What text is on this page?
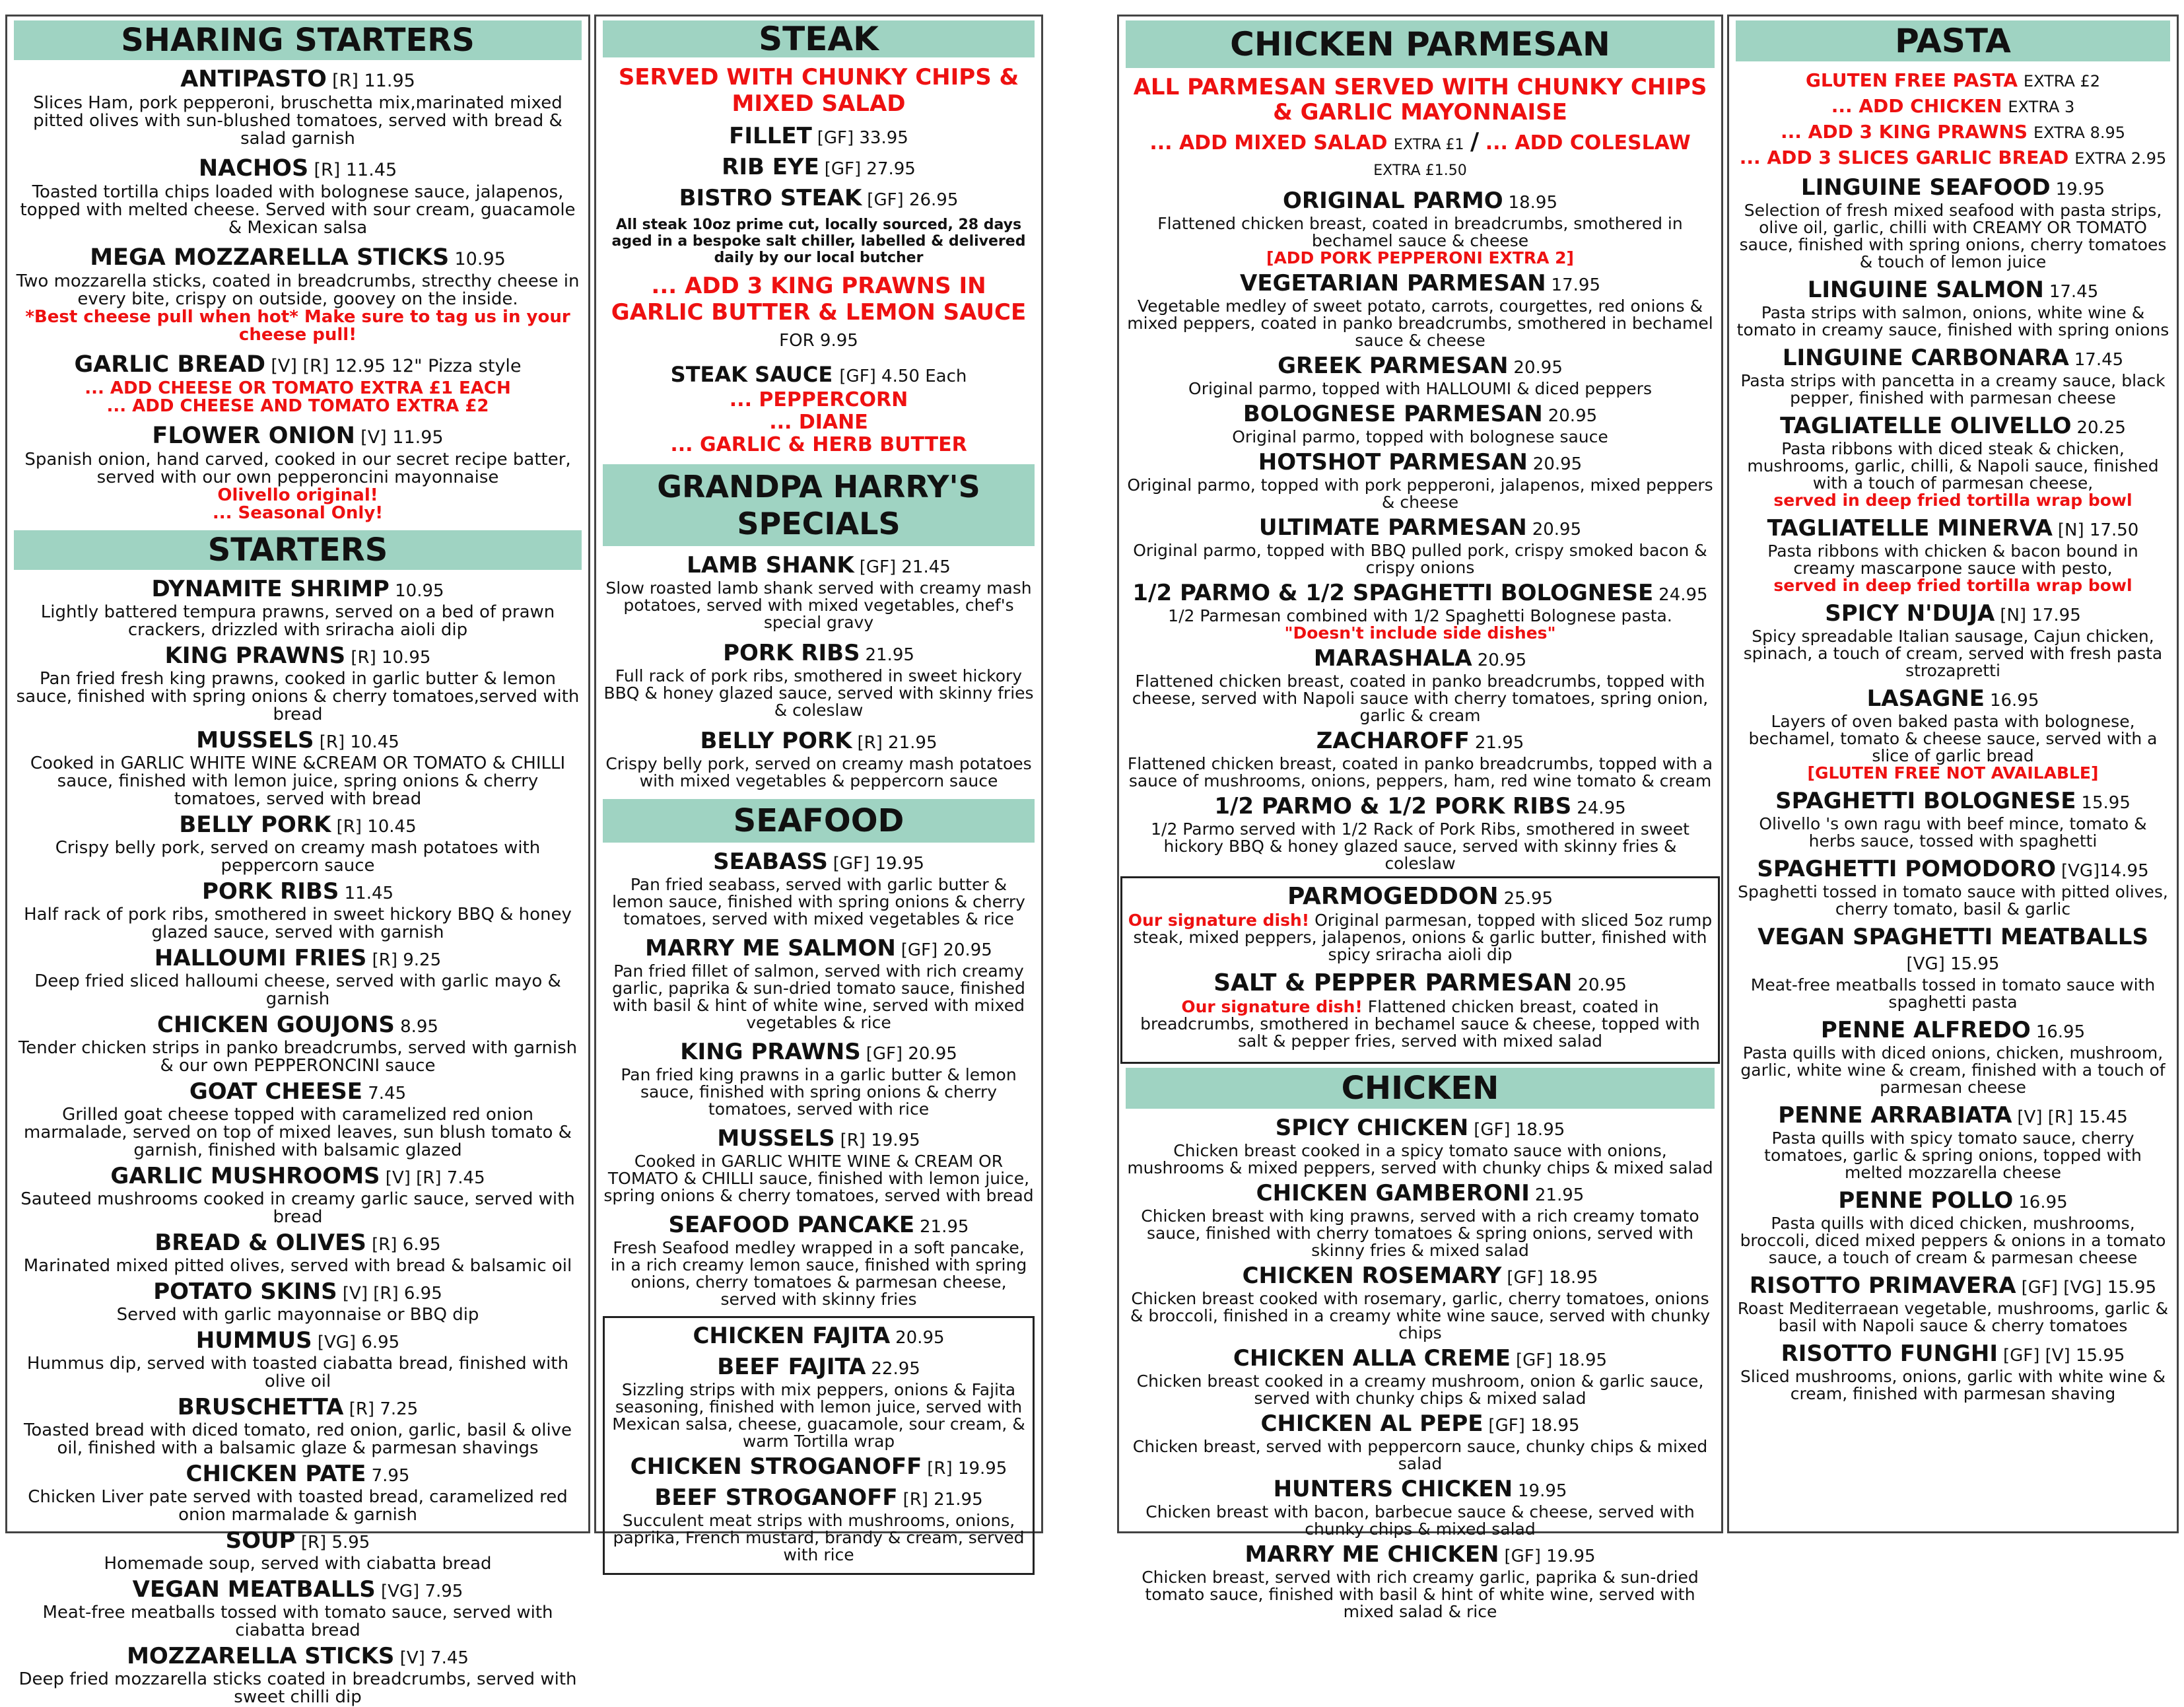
SHARING STARTERS
ANTIPASTO [R] 11.95
Slices Ham, pork pepperoni, bruschetta mix,marinated mixed pitted olives with sun-blushed tomatoes, served with bread & salad garnish
NACHOS [R] 11.45
Toasted tortilla chips loaded with bolognese sauce, jalapenos, topped with melted cheese. Served with sour cream, guacamole & Mexican salsa
MEGA MOZZARELLA STICKS 10.95
Two mozzarella sticks, coated in breadcrumbs, strecthy cheese in every bite, crispy on outside, goovey on the inside.
*Best cheese pull when hot* Make sure to tag us in your cheese pull!
GARLIC BREAD [V] [R] 12.95 12" Pizza style
... ADD CHEESE OR TOMATO EXTRA £1 EACH
... ADD CHEESE AND TOMATO EXTRA £2
FLOWER ONION [V] 11.95
Spanish onion, hand carved, cooked in our secret recipe batter, served with our own pepperoncini mayonnaise
Olivello original!
... Seasonal Only!
STARTERS
DYNAMITE SHRIMP 10.95
Lightly battered tempura prawns, served on a bed of prawn crackers, drizzled with sriracha aioli dip
KING PRAWNS [R] 10.95
Pan fried fresh king prawns, cooked in garlic butter & lemon sauce, finished with spring onions & cherry tomatoes,served with bread
MUSSELS [R] 10.45
Cooked in GARLIC WHITE WINE &CREAM OR TOMATO & CHILLI sauce, finished with lemon juice, spring onions & cherry tomatoes, served with bread
BELLY PORK [R] 10.45
Crispy belly pork, served on creamy mash potatoes with peppercorn sauce
PORK RIBS 11.45
Half rack of pork ribs, smothered in sweet hickory BBQ & honey glazed sauce, served with garnish
HALLOUMI FRIES [R] 9.25
Deep fried sliced halloumi cheese, served with garlic mayo & garnish
CHICKEN GOUJONS 8.95
Tender chicken strips in panko breadcrumbs, served with garnish & our own PEPPERONCINI sauce
GOAT CHEESE 7.45
Grilled goat cheese topped with caramelized red onion marmalade, served on top of mixed leaves, sun blush tomato & garnish, finished with balsamic glazed
GARLIC MUSHROOMS [V] [R] 7.45
Sauteed mushrooms cooked in creamy garlic sauce, served with bread
BREAD & OLIVES [R] 6.95
Marinated mixed pitted olives, served with bread & balsamic oil
POTATO SKINS [V] [R] 6.95
Served with garlic mayonnaise or BBQ dip
HUMMUS [VG] 6.95
Hummus dip, served with toasted ciabatta bread, finished with olive oil
BRUSCHETTA [R] 7.25
Toasted bread with diced tomato, red onion, garlic, basil & olive oil, finished with a balsamic glaze & parmesan shavings
CHICKEN PATE 7.95
Chicken Liver pate served with toasted bread, caramelized red onion marmalade & garnish
SOUP [R] 5.95
Homemade soup, served with ciabatta bread
VEGAN MEATBALLS [VG] 7.95
Meat-free meatballs tossed with tomato sauce, served with ciabatta bread
MOZZARELLA STICKS [V] 7.45
Deep fried mozzarella sticks coated in breadcrumbs, served with sweet chilli dip
STEAK
SERVED WITH CHUNKY CHIPS & MIXED SALAD
FILLET [GF] 33.95
RIB EYE [GF] 27.95
BISTRO STEAK [GF] 26.95
All steak 10oz prime cut, locally sourced, 28 days aged in a bespoke salt chiller, labelled & delivered daily by our local butcher
... ADD 3 KING PRAWNS IN GARLIC BUTTER & LEMON SAUCE FOR 9.95
STEAK SAUCE [GF] 4.50 Each
... PEPPERCORN
... DIANE
... GARLIC & HERB BUTTER
GRANDPA HARRY'S SPECIALS
LAMB SHANK [GF] 21.45
Slow roasted lamb shank served with creamy mash potatoes, served with mixed vegetables, chef's special gravy
PORK RIBS 21.95
Full rack of pork ribs, smothered in sweet hickory BBQ & honey glazed sauce, served with skinny fries & coleslaw
BELLY PORK [R] 21.95
Crispy belly pork, served on creamy mash potatoes with mixed vegetables & peppercorn sauce
SEAFOOD
SEABASS [GF] 19.95
Pan fried seabass, served with garlic butter & lemon sauce, finished with spring onions & cherry tomatoes, served with mixed vegetables & rice
MARRY ME SALMON [GF] 20.95
Pan fried fillet of salmon, served with rich creamy garlic, paprika & sun-dried tomato sauce, finished with basil & hint of white wine, served with mixed vegetables & rice
KING PRAWNS [GF] 20.95
Pan fried king prawns in a garlic butter & lemon sauce, finished with spring onions & cherry tomatoes, served with rice
MUSSELS [R] 19.95
Cooked in GARLIC WHITE WINE & CREAM OR TOMATO & CHILLI sauce, finished with lemon juice, spring onions & cherry tomatoes, served with bread
SEAFOOD PANCAKE 21.95
Fresh Seafood medley wrapped in a soft pancake, in a rich creamy lemon sauce, finished with spring onions, cherry tomatoes & parmesan cheese, served with skinny fries
CHICKEN FAJITA 20.95
BEEF FAJITA 22.95
Sizzling strips with mix peppers, onions & Fajita seasoning, finished with lemon juice, served with Mexican salsa, cheese, guacamole, sour cream, & warm Tortilla wrap
CHICKEN STROGANOFF [R] 19.95
BEEF STROGANOFF [R] 21.95
Succulent meat strips with mushrooms, onions, paprika, French mustard, brandy & cream, served with rice
CHICKEN PARMESAN
ALL PARMESAN SERVED WITH CHUNKY CHIPS & GARLIC MAYONNAISE
... ADD MIXED SALAD EXTRA £1 / ... ADD COLESLAW EXTRA £1.50
ORIGINAL PARMO 18.95
Flattened chicken breast, coated in breadcrumbs, smothered in bechamel sauce & cheese
[ADD PORK PEPPERONI EXTRA 2]
VEGETARIAN PARMESAN 17.95
Vegetable medley of sweet potato, carrots, courgettes, red onions & mixed peppers, coated in panko breadcrumbs, smothered in bechamel sauce & cheese
GREEK PARMESAN 20.95
Original parmo, topped with HALLOUMI & diced peppers
BOLOGNESE PARMESAN 20.95
Original parmo, topped with bolognese sauce
HOTSHOT PARMESAN 20.95
Original parmo, topped with pork pepperoni, jalapenos, mixed peppers & cheese
ULTIMATE PARMESAN 20.95
Original parmo, topped with BBQ pulled pork, crispy smoked bacon & crispy onions
1/2 PARMO & 1/2 SPAGHETTI BOLOGNESE 24.95
1/2 Parmesan combined with 1/2 Spaghetti Bolognese pasta.
"Doesn't include side dishes"
MARASHALA 20.95
Flattened chicken breast, coated in panko breadcrumbs, topped with cheese, served with Napoli sauce with cherry tomatoes, spring onion, garlic & cream
ZACHAROFF 21.95
Flattened chicken breast, coated in panko breadcrumbs, topped with a sauce of mushrooms, onions, peppers, ham, red wine tomato & cream
1/2 PARMO & 1/2 PORK RIBS 24.95
1/2 Parmo served with 1/2 Rack of Pork Ribs, smothered in sweet hickory BBQ & honey glazed sauce, served with skinny fries & coleslaw
PARMOGEDDON 25.95
Our signature dish! Original parmesan, topped with sliced 5oz rump steak, mixed peppers, jalapenos, onions & garlic butter, finished with spicy sriracha aioli dip
SALT & PEPPER PARMESAN 20.95
Our signature dish! Flattened chicken breast, coated in breadcrumbs, smothered in bechamel sauce & cheese, topped with salt & pepper fries, served with mixed salad
CHICKEN
SPICY CHICKEN [GF] 18.95
Chicken breast cooked in a spicy tomato sauce with onions, mushrooms & mixed peppers, served with chunky chips & mixed salad
CHICKEN GAMBERONI 21.95
Chicken breast with king prawns, served with a rich creamy tomato sauce, finished with cherry tomatoes & spring onions, served with skinny fries & mixed salad
CHICKEN ROSEMARY [GF] 18.95
Chicken breast cooked with rosemary, garlic, cherry tomatoes, onions & broccoli, finished in a creamy white wine sauce, served with chunky chips
CHICKEN ALLA CREME [GF] 18.95
Chicken breast cooked in a creamy mushroom, onion & garlic sauce, served with chunky chips & mixed salad
CHICKEN AL PEPE [GF] 18.95
Chicken breast, served with peppercorn sauce, chunky chips & mixed salad
HUNTERS CHICKEN 19.95
Chicken breast with bacon, barbecue sauce & cheese, served with chunky chips & mixed salad
MARRY ME CHICKEN [GF] 19.95
Chicken breast, served with rich creamy garlic, paprika & sun-dried tomato sauce, finished with basil & hint of white wine, served with mixed salad & rice
PASTA
GLUTEN FREE PASTA EXTRA £2
... ADD CHICKEN EXTRA 3
... ADD 3 KING PRAWNS EXTRA 8.95
... ADD 3 SLICES GARLIC BREAD EXTRA 2.95
LINGUINE SEAFOOD 19.95
Selection of fresh mixed seafood with pasta strips, olive oil, garlic, chilli with CREAMY OR TOMATO sauce, finished with spring onions, cherry tomatoes & touch of lemon juice
LINGUINE SALMON 17.45
Pasta strips with salmon, onions, white wine & tomato in creamy sauce, finished with spring onions
LINGUINE CARBONARA 17.45
Pasta strips with pancetta in a creamy sauce, black pepper, finished with parmesan cheese
TAGLIATELLE OLIVELLO 20.25
Pasta ribbons with diced steak & chicken, mushrooms, garlic, chilli, & Napoli sauce, finished with a touch of parmesan cheese,
served in deep fried tortilla wrap bowl
TAGLIATELLE MINERVA [N] 17.50
Pasta ribbons with chicken & bacon bound in creamy mascarpone sauce with pesto,
served in deep fried tortilla wrap bowl
SPICY N'DUJA [N] 17.95
Spicy spreadable Italian sausage, Cajun chicken, spinach, a touch of cream, served with fresh pasta strozapretti
LASAGNE 16.95
Layers of oven baked pasta with bolognese, bechamel, tomato & cheese sauce, served with a slice of garlic bread
[GLUTEN FREE NOT AVAILABLE]
SPAGHETTI BOLOGNESE 15.95
Olivello 's own ragu with beef mince, tomato & herbs sauce, tossed with spaghetti
SPAGHETTI POMODORO [VG]14.95
Spaghetti tossed in tomato sauce with pitted olives, cherry tomato, basil & garlic
VEGAN SPAGHETTI MEATBALLS [VG] 15.95
Meat-free meatballs tossed in tomato sauce with spaghetti pasta
PENNE ALFREDO 16.95
Pasta quills with diced onions, chicken, mushroom, garlic, white wine & cream, finished with a touch of parmesan cheese
PENNE ARRABIATA [V] [R] 15.45
Pasta quills with spicy tomato sauce, cherry tomatoes, garlic & spring onions, topped with melted mozzarella cheese
PENNE POLLO 16.95
Pasta quills with diced chicken, mushrooms, broccoli, diced mixed peppers & onions in a tomato sauce, a touch of cream & parmesan cheese
RISOTTO PRIMAVERA [GF] [VG] 15.95
Roast Mediterraean vegetable, mushrooms, garlic & basil with Napoli sauce & cherry tomatoes
RISOTTO FUNGHI [GF] [V] 15.95
Sliced mushrooms, onions, garlic with white wine & cream, finished with parmesan shaving
